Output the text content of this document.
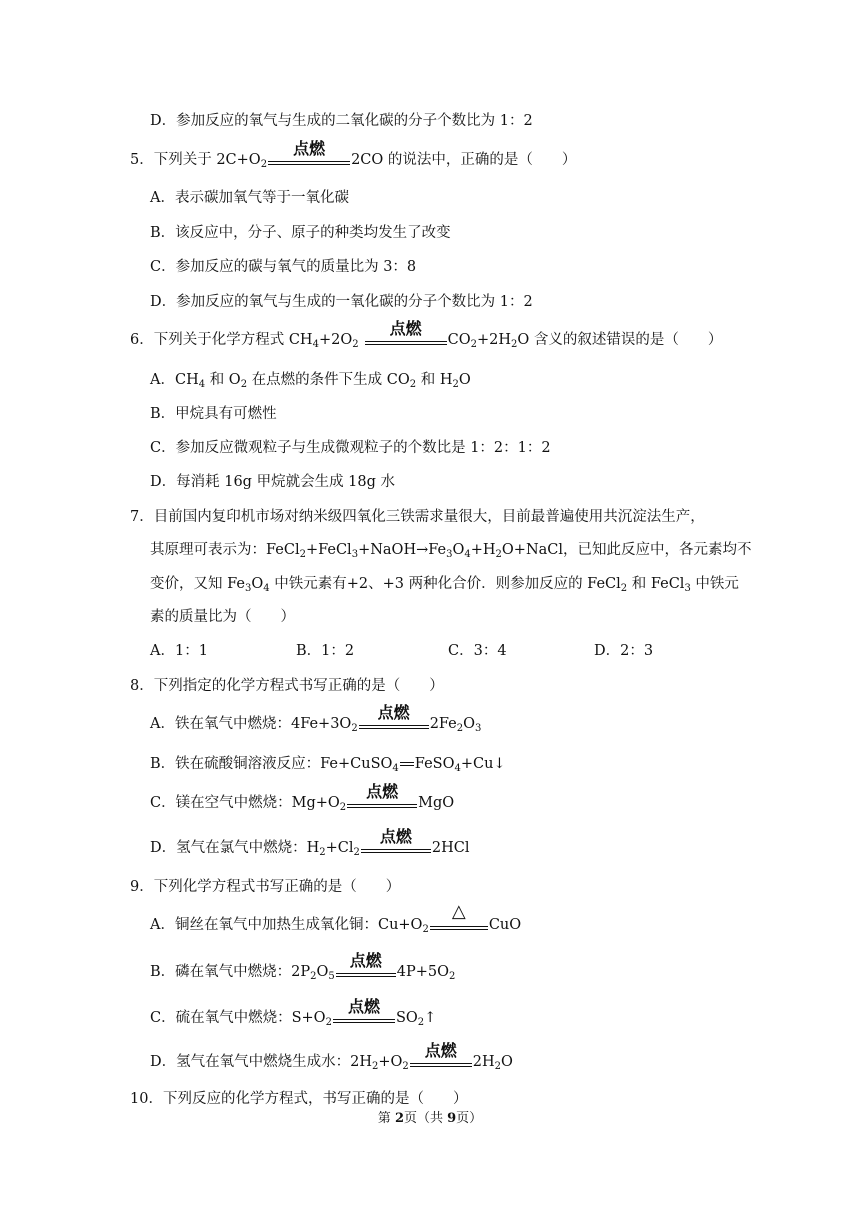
D．参加反应的氧气与生成的二氧化碳的分子个数比为 1：2
5．下列关于 $2C+O_2$
点燃
2CO 的说法中，正确的是（　　）
A．表示碳加氧气等于一氧化碳
B．该反应中，分子、原子的种类均发生了改变
C．参加反应的碳与氧气的质量比为 3：8
D．参加反应的氧气与生成的一氧化碳的分子个数比为 1：2
6．下列关于化学方程式 $CH_4+2O_2$
点燃
$CO_2+2H_2O$ 含义的叙述错误的是（　　）
A．$CH_4$ 和 $O_2$ 在点燃的条件下生成 $CO_2$ 和 $H_2O$
B．甲烷具有可燃性
C．参加反应微观粒子与生成微观粒子的个数比是 1：2：1：2
D．每消耗 16g 甲烷就会生成 18g 水
7．目前国内复印机市场对纳米级四氧化三铁需求量很大，目前最普遍使用共沉淀法生产，
其原理可表示为：$FeCl_2+FeCl_3+NaOH\to Fe_3O_4+H_2O+NaCl$，已知此反应中，各元素均不
变价，又知 $Fe_3O_4$ 中铁元素有+2、+3 两种化合价．则参加反应的 FeCl$_2$ 和 FeCl$_3$ 中铁元
素的质量比为（　　）
A．1：1	B．1：2	C．3：4	D．2：3
8．下列指定的化学方程式书写正确的是（　　）
A．铁在氧气中燃烧：$4Fe+3O_2$
点燃
$2Fe_2O_3$
B．铁在硫酸铜溶液反应：Fe+CuSO$_4$ FeSO$_4$+Cu↓
C．镁在空气中燃烧：$Mg+O_2$
点燃
MgO
D．氢气在氯气中燃烧：$H_2+Cl_2$
点燃
2HCl
9．下列化学方程式书写正确的是（　　）
A．铜丝在氧气中加热生成氧化铜：$Cu+O_2$
△
CuO
B．磷在氧气中燃烧：$2P_2O_5$
点燃
$4P+5O_2$
C．硫在氧气中燃烧：$S+O_2$
点燃
$SO_2↑$
D．氢气在氧气中燃烧生成水：$2H_2+O_2$
点燃
$2H_2O$
10．下列反应的化学方程式，书写正确的是（　　）
第 2页（共 9页）
